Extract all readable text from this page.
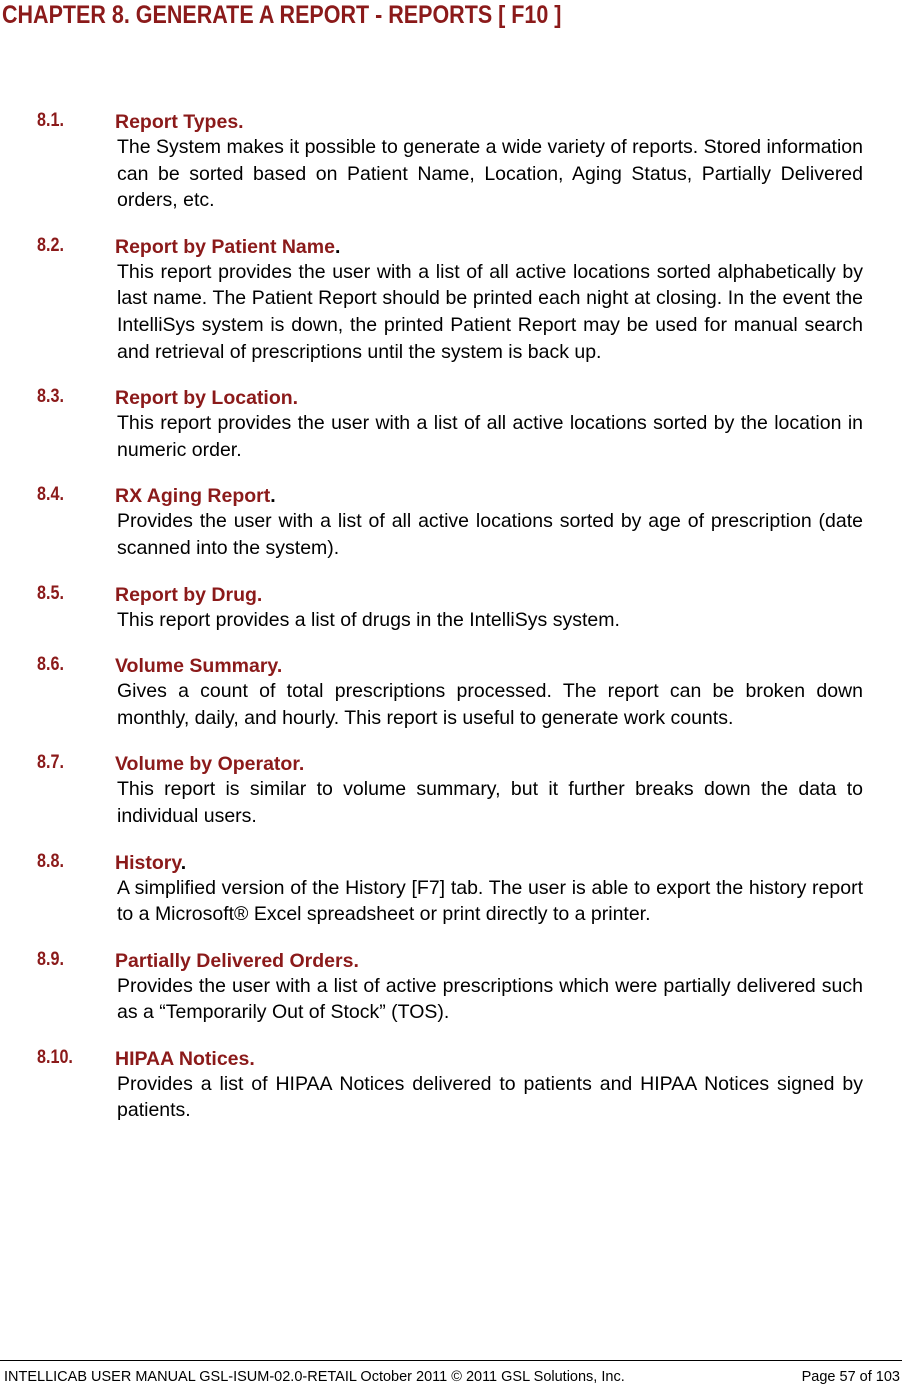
CHAPTER 8. GENERATE A REPORT - REPORTS [ F10 ]
8.1.	Report Types.

The System makes it possible to generate a wide variety of reports. Stored information can be sorted based on Patient Name, Location, Aging Status, Partially Delivered orders, etc.

8.2.	Report by Patient Name.

This report provides the user with a list of all active locations sorted alphabetically by last name. The Patient Report should be printed each night at closing. In the event the IntelliSys system is down, the printed Patient Report may be used for manual search and retrieval of prescriptions until the system is back up.

8.3.	Report by Location.

This report provides the user with a list of all active locations sorted by the location in numeric order.

8.4.	RX Aging Report.

Provides the user with a list of all active locations sorted by age of prescription (date scanned into the system).

8.5.	Report by Drug.

This report provides a list of drugs in the IntelliSys system.

8.6.	Volume Summary.

Gives a count of total prescriptions processed. The report can be broken down monthly, daily, and hourly. This report is useful to generate work counts.

8.7.	Volume by Operator.

This report is similar to volume summary, but it further breaks down the data to individual users.

8.8.	History.

A simplified version of the History [F7] tab. The user is able to export the history report to a Microsoft® Excel spreadsheet or print directly to a printer.

8.9.	Partially Delivered Orders.

Provides the user with a list of active prescriptions which were partially delivered such as a “Temporarily Out of Stock” (TOS).

8.10. HIPAA Notices.

Provides a list of HIPAA Notices delivered to patients and HIPAA Notices signed by patients.

INTELLICAB USER MANUAL GSL-ISUM-02.0-RETAIL October 2011 © 2011 GSL Solutions, Inc.	Page 57 of 103
